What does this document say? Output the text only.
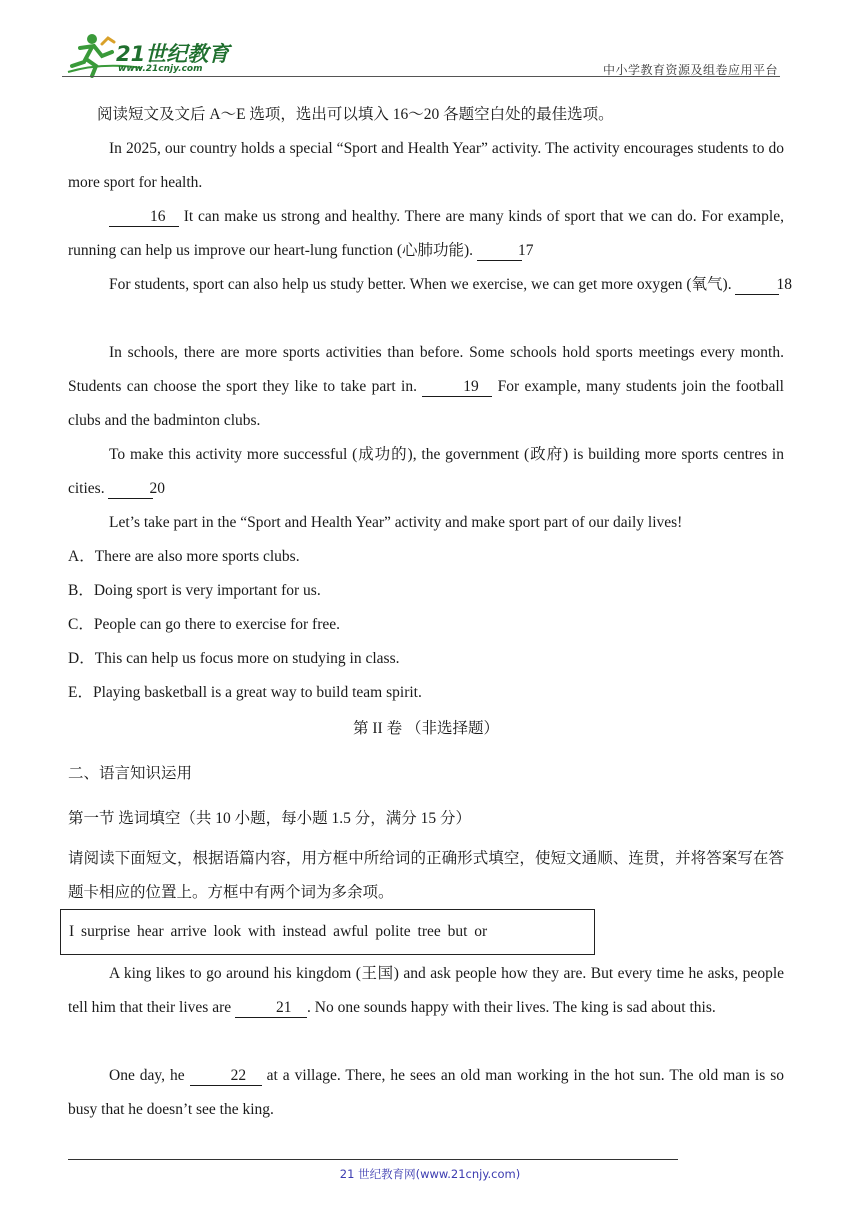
21世纪教育
www.21cnjy.com	中小学教育资源及组卷应用平台
阅读短文及文后 A～E 选项，选出可以填入 16～20 各题空白处的最佳选项。
In 2025, our country holds a special “Sport and Health Year” activity. The activity encourages students to do more sport for health.
16 It can make us strong and healthy. There are many kinds of sport that we can do. For example, running can help us improve our heart-lung function (心肺功能).	17
For students, sport can also help us study better. When we exercise, we can get more oxygen (氧气).	18
In schools, there are more sports activities than before. Some schools hold sports meetings every month. Students can choose the sport they like to take part in.	19 For example, many students join the football clubs and the badminton clubs.
To make this activity more successful (成功的), the government (政府) is building more sports centres in cities.	20
Let’s take part in the “Sport and Health Year” activity and make sport part of our daily lives!
A．There are also more sports clubs.
B．Doing sport is very important for us.
C．People can go there to exercise for free.
D．This can help us focus more on studying in class.
E．Playing basketball is a great way to build team spirit.
第 II 卷 （非选择题）
二、语言知识运用
第一节 选词填空（共 10 小题，每小题 1.5 分，满分 15 分）
请阅读下面短文，根据语篇内容，用方框中所给词的正确形式填空，使短文通顺、连贯，并将答案写在答题卡相应的位置上。方框中有两个词为多余项。
I surprise hear arrive look with instead awful polite tree but or
A king likes to go around his kingdom (王国) and ask people how they are. But every time he asks, people tell him that their lives are	21 . No one sounds happy with their lives. The king is sad about this.
One day, he	22 at a village. There, he sees an old man working in the hot sun. The old man is so busy that he doesn’t see the king.
21 世纪教育网(www.21cnjy.com)
